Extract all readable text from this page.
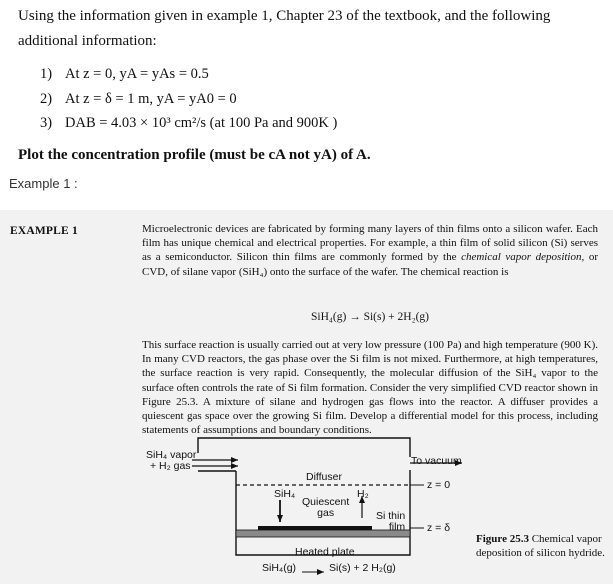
Using the information given in example 1, Chapter 23 of the textbook, and the following additional information:
1) At z = 0, yA = yAs = 0.5
2) At z = δ = 1 m, yA = yA0 = 0
3) DAB = 4.03 × 10³ cm²/s (at 100 Pa and 900K )
Plot the concentration profile (must be cA not yA) of A.
Example 1 :
EXAMPLE 1	Microelectronic devices are fabricated by forming many layers of thin films onto a silicon wafer. Each film has unique chemical and electrical properties. For example, a thin film of solid silicon (Si) serves as a semiconductor. Silicon thin films are commonly formed by the chemical vapor deposition, or CVD, of silane vapor (SiH₄) onto the surface of the wafer. The chemical reaction is

SiH₄(g) → Si(s) + 2H₂(g)

This surface reaction is usually carried out at very low pressure (100 Pa) and high temperature (900 K). In many CVD reactors, the gas phase over the Si film is not mixed. Furthermore, at high temperatures, the surface reaction is very rapid. Consequently, the molecular diffusion of the SiH₄ vapor to the surface often controls the rate of Si film formation. Consider the very simplified CVD reactor shown in Figure 25.3. A mixture of silane and hydrogen gas flows into the reactor. A diffuser provides a quiescent gas space over the growing Si film. Develop a differential model for this process, including statements of assumptions and boundary conditions.

SiH₄ vapor
+ H₂ gas	To vacuum
Diffuser
SiH₄	H₂
Quiescent
gas	Si thin
film
z = 0
z = δ
Heated plate
SiH₄(g)	Si(s) + 2 H₂(g)
Figure 25.3 Chemical vapor deposition of silicon hydride.
